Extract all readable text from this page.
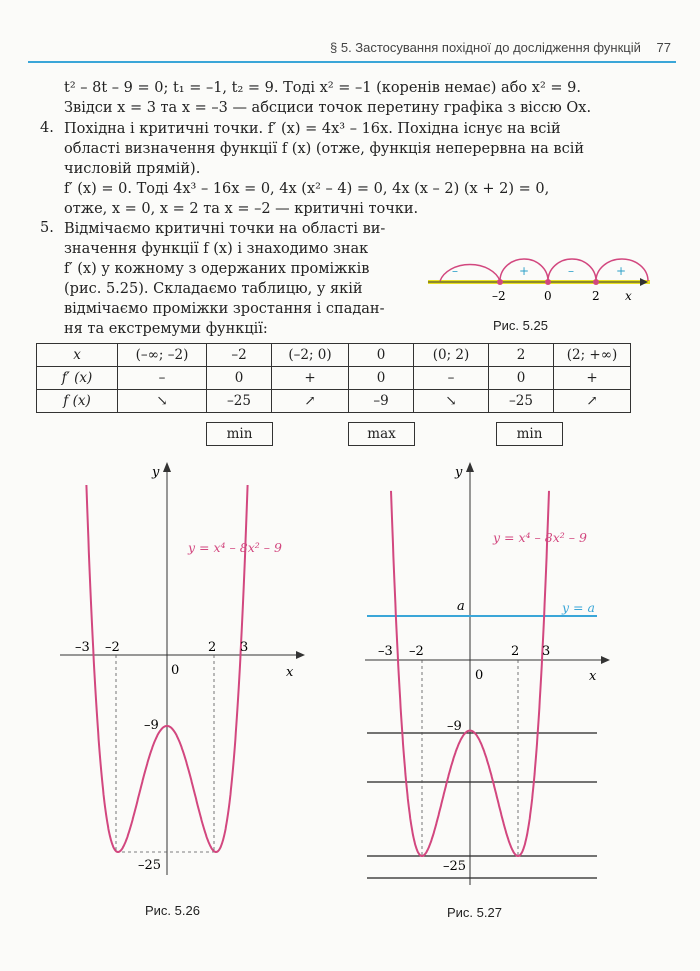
§ 5. Застосування похідної до дослідження функцій 77
t² – 8t – 9 = 0; t₁ = –1, t₂ = 9. Тоді x² = –1 (коренів немає) або x² = 9.
Звідси x = 3 та x = –3 — абсциси точок перетину графіка з віссю Ox.
4. Похідна і критичні точки. f′ (x) = 4x³ – 16x. Похідна існує на всій
області визначення функції f (x) (отже, функція неперервна на всій
числовій прямій).
f′ (x) = 0. Тоді 4x³ – 16x = 0, 4x (x² – 4) = 0, 4x (x – 2) (x + 2) = 0,
отже, x = 0, x = 2 та x = –2 — критичні точки.
5. Відмічаємо критичні точки на області ви-
значення функції f (x) і знаходимо знак
f′ (x) у кожному з одержаних проміжків
(рис. 5.25). Складаємо таблицю, у якій
відмічаємо проміжки зростання і спадан-
ня та екстремуми функції:
–	+	–	+
–2	0	2 x
Рис. 5.25
x	(–∞; –2)	–2	(–2; 0)	0	(0; 2)	2	(2; +∞)
f′ (x)	–	0	+	0	–	0	+
f (x)	↘	–25	↗	–9	↘	–25	↗
min	max	min
y
x
0
y = x⁴ – 8x² – 9
–3 –2	2 3
–9
–25
Рис. 5.26
y
x
0
y = x⁴ – 8x² – 9
y = a
a
–3 –2	2 3
–9
–25
Рис. 5.27
